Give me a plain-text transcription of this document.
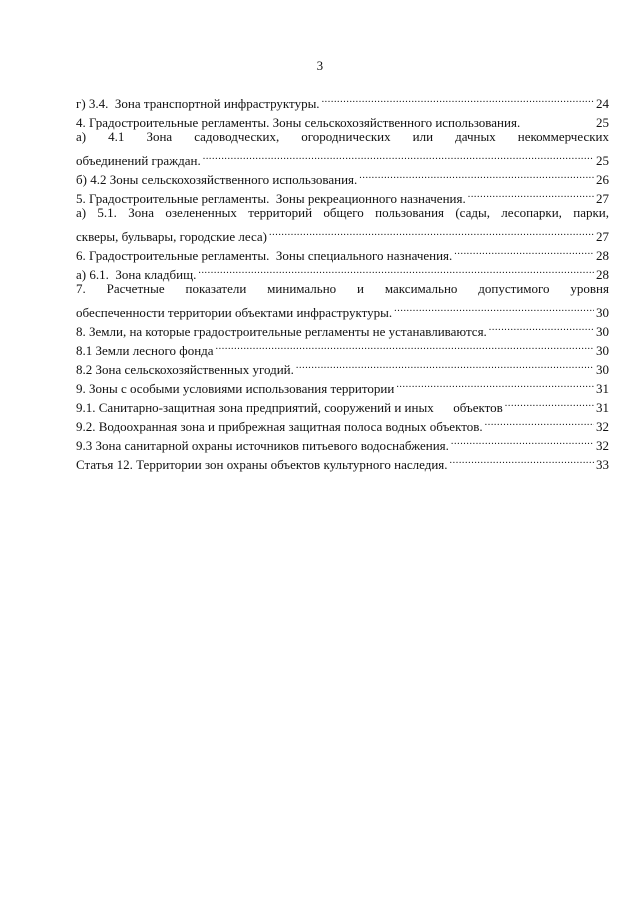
3
г) 3.4.  Зона транспортной инфраструктуры. .....	24
4. Градостроительные регламенты. Зоны сельскохозяйственного использования.	25
а) 4.1 Зона садоводческих, огороднических или дачных некоммерческих
объединений граждан. .....	25
б) 4.2 Зоны сельскохозяйственного использования. .....	26
5. Градостроительные регламенты.  Зоны рекреационного назначения. .....	27
а) 5.1. Зона озелененных территорий общего пользования (сады, лесопарки, парки,
скверы, бульвары, городские леса) .....	27
6. Градостроительные регламенты.  Зоны специального назначения. .....	28
а) 6.1.  Зона кладбищ. .....	28
7. Расчетные показатели минимально и максимально допустимого уровня
обеспеченности территории объектами инфраструктуры. .....	30
8. Земли, на которые градостроительные регламенты не устанавливаются. .....	30
8.1 Земли лесного фонда .....	30
8.2 Зона сельскохозяйственных угодий. .....	30
9. Зоны с особыми условиями использования территории .....	31
9.1. Санитарно-защитная зона предприятий, сооружений и иных      объектов .....	31
9.2. Водоохранная зона и прибрежная защитная полоса водных объектов. .....	32
9.3 Зона санитарной охраны источников питьевого водоснабжения. .....	32
Статья 12. Территории зон охраны объектов культурного наследия. .....	33
